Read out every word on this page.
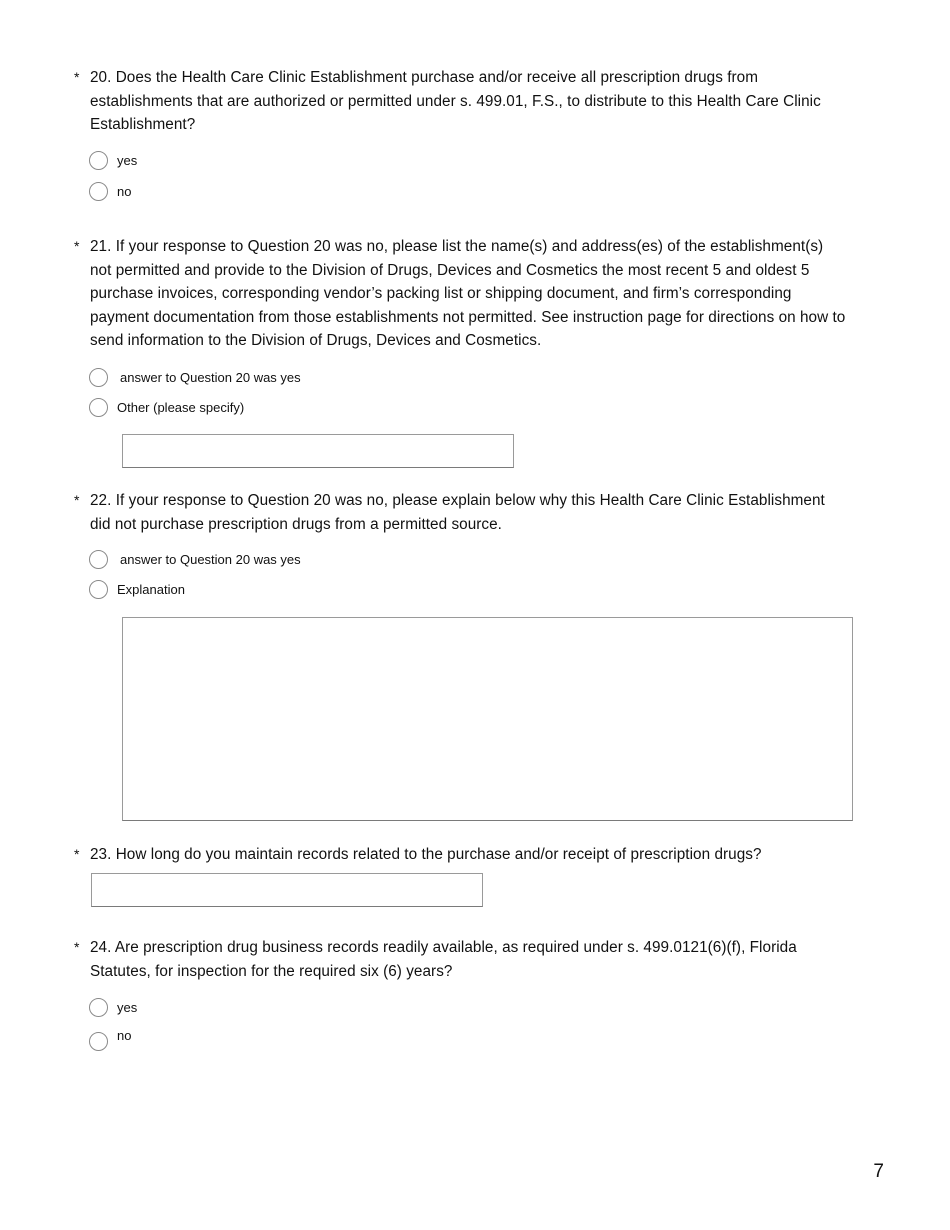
* 20. Does the Health Care Clinic Establishment purchase and/or receive all prescription drugs from establishments that are authorized or permitted under s. 499.01, F.S., to distribute to this Health Care Clinic Establishment?
yes
no
* 21. If your response to Question 20 was no, please list the name(s) and address(es) of the establishment(s) not permitted and provide to the Division of Drugs, Devices and Cosmetics the most recent 5 and oldest 5 purchase invoices, corresponding vendor’s packing list or shipping document, and firm’s corresponding payment documentation from those establishments not permitted. See instruction page for directions on how to send information to the Division of Drugs, Devices and Cosmetics.
answer to Question 20 was yes
Other (please specify)
* 22. If your response to Question 20 was no, please explain below why this Health Care Clinic Establishment did not purchase prescription drugs from a permitted source.
answer to Question 20 was yes
Explanation
* 23. How long do you maintain records related to the purchase and/or receipt of prescription drugs?
* 24. Are prescription drug business records readily available, as required under s. 499.0121(6)(f), Florida Statutes, for inspection for the required six (6) years?
yes
no
7
